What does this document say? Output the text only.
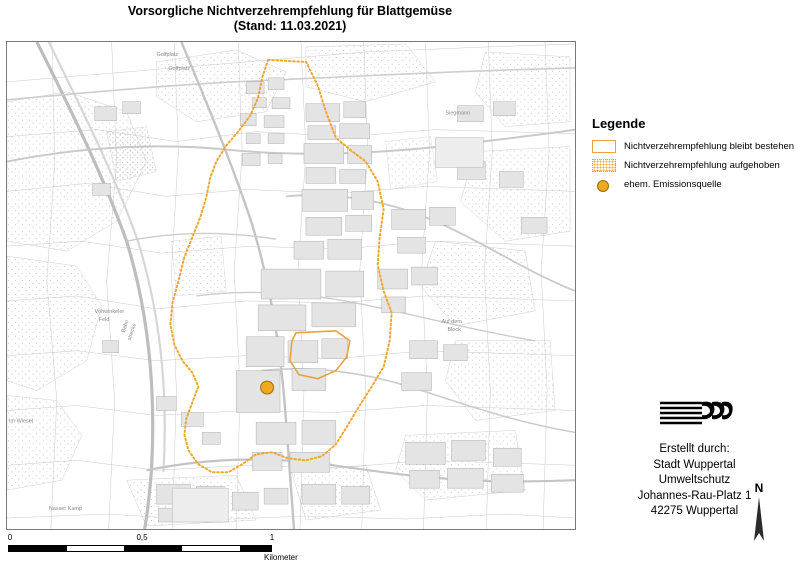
Vorsorgliche Nichtverzehrempfehlung für Blattgemüse
(Stand: 11.03.2021)
Golfplatz
Golfplatz
Siegmann
Vohwinkeler
Feld	Auf dem
Block
Im Wiesel
Nasser Kamp
Bahn
strecke
N
0	0,5	1
Kilometer
Legende
Nichtverzehrempfehlung bleibt bestehen
Nichtverzehrempfehlung aufgehoben
ehem. Emissionsquelle
Erstellt durch:
Stadt Wuppertal
Umweltschutz
Johannes-Rau-Platz 1
42275 Wuppertal
